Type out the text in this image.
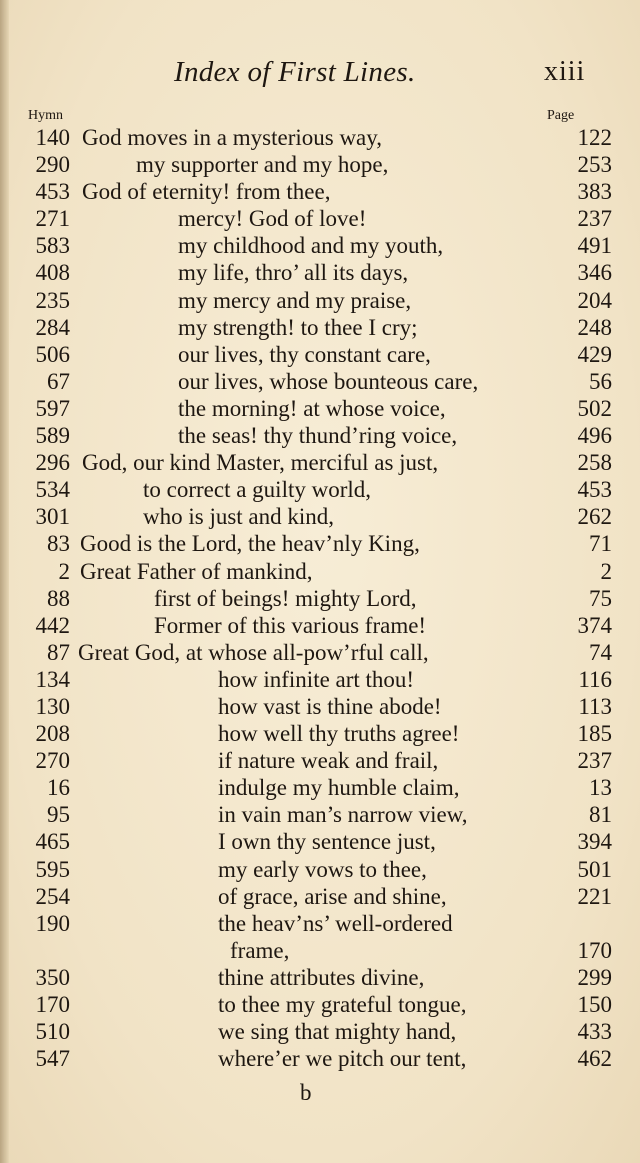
Index of First Lines.	xiii
Hymn	Page
140 God moves in a mysterious way,	122
290	my supporter and my hope,	253
453 God of eternity! from thee,	383
271	mercy! God of love!	237
583	my childhood and my youth,	491
408	my life, thro’ all its days,	346
235	my mercy and my praise,	204
284	my strength! to thee I cry;	248
506	our lives, thy constant care,	429
67	our lives, whose bounteous care,	56
597	the morning! at whose voice,	502
589	the seas! thy thund’ring voice,	496
296 God, our kind Master, merciful as just,	258
534	to correct a guilty world,	453
301	who is just and kind,	262
83 Good is the Lord, the heav’nly King,	71
2 Great Father of mankind,	2
88	first of beings! mighty Lord,	75
442	Former of this various frame!	374
87 Great God, at whose all-pow’rful call,	74
134	how infinite art thou!	116
130	how vast is thine abode!	113
208	how well thy truths agree!	185
270	if nature weak and frail,	237
16	indulge my humble claim,	13
95	in vain man’s narrow view,	81
465	I own thy sentence just,	394
595	my early vows to thee,	501
254	of grace, arise and shine,	221
190	the heav’ns’ well-ordered
frame,	170
350	thine attributes divine,	299
170	to thee my grateful tongue,	150
510	we sing that mighty hand,	433
547	where’er we pitch our tent,	462
b
